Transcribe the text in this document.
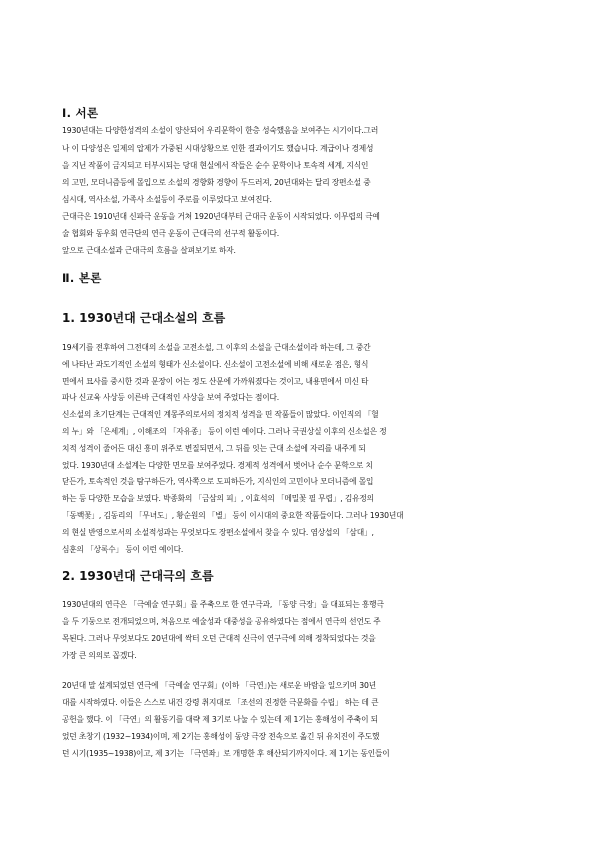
Ⅰ. 서론
1930년대는 다양한성격의 소설이 양산되어 우리문학이 한층 성숙했음을 보여주는 시기이다.그러
나 이 다양성은 일제의 압제가 가중된 시대상황으로 인한 결과이기도 했습니다. 계급이나 경제성
을 지닌 작품이 금지되고 터부시되는 당대 현실에서 작들은 순수 문학이나 토속적 세계, 지식인
의 고민, 모더니즘등에 몰입으로 소설의 경향화 경향이 두드러져, 20년대와는 달리 장편소설 중
심시대, 역사소설, 가족사 소설등이 주로를 이루었다고 보여진다.
근대극은 1910년대 신파극 운동을 거쳐 1920년대부터 근대극 운동이 시작되었다. 이무렵의 극예
술 협회와 동우회 연극단의 연극 운동이 근대극의 선구적 활동이다.
앞으로 근대소설과 근대극의 흐름을 살펴보기로 하자.
Ⅱ. 본론
1. 1930년대 근대소설의 흐름
19세기를 전후하여 그전대의 소설을 고전소설, 그 이후의 소설을 근대소설이라 하는데, 그 중간
에 나타난 과도기적인 소설의 형태가 신소설이다. 신소설이 고전소설에 비해 새로운 점은, 형식
면에서 묘사를 중시한 것과 문장이 어는 정도 산문에 가까워졌다는 것이고, 내용면에서 미신 타
파나 신교육 사상등 이른바 근대적인 사상을 보여 주었다는 점이다.
신소설의 초기단계는 근대적인 계몽주의로서의 정치적 성격을 띤 작품들이 많았다. 이인직의 「혈
의 누」와 「은세계」, 이해조의 「자유종」 등이 이런 예이다. 그러나 국권상실 이후의 신소설은 정
치적 성격이 줄어든 대신 흥미 위주로 변질되면서, 그 뒤를 잇는 근대 소설에 자리를 내주게 되
었다. 1930년대 소설계는 다양한 면모를 보여주었다. 경제적 성격에서 벗어나 순수 문학으로 치
닫든가, 토속적인 것을 탐구하든가, 역사쪽으로 도피하든가, 지식인의 고민이나 모더니즘에 몰입
하는 등 다양한 모습을 보였다. 박종화의 「금삼의 피」, 이효석의 「메밀꽃 필 무렵」, 김유정의
「동백꽃」, 김동리의 「무녀도」, 황순원의 「별」 등이 이시대의 중요한 작품들이다. 그러나 1930년대
의 현실 반영으로서의 소설적성과는 무엇보다도 장편소설에서 찾을 수 있다. 염상섭의 「삼대」,
심훈의 「상록수」 등이 이런 예이다.
2. 1930년대 근대극의 흐름
1930년대의 연극은 「극예술 연구회」를 주축으로 한 연구극과, 「동양 극장」을 대표되는 흥행극
을 두 기둥으로 전개되었으며, 처음으로 예술성과 대중성을 공유하였다는 점에서 연극의 선언도 주
목된다. 그러나 무엇보다도 20년대에 싹터 오던 근대적 신극이 연구극에 의해 정착되었다는 것을
가장 큰 의의로 꼽겠다.
20년대 말 설계되었던 연극에 「극예술 연구회」(이하 「극연」)는 새로운 바람을 일으키며 30년
대를 시작하였다. 이들은 스스로 내건 강령 취지대로 「조선의 진정한 극문화를 수립」 하는 데 큰
공헌을 했다. 이 「극연」의 활동기를 대략 제 3기로 나눌 수 있는데 제 1기는 홍해성이 주축이 되
었던 초창기 (1932~1934)이며, 제 2기는 홍해성이 동양 극장 전속으로 옮긴 뒤 유치진이 주도했
던 시기(1935~1938)이고, 제 3기는 「극연좌」로 개명한 후 해산되기까지이다. 제 1기는 동인들이
